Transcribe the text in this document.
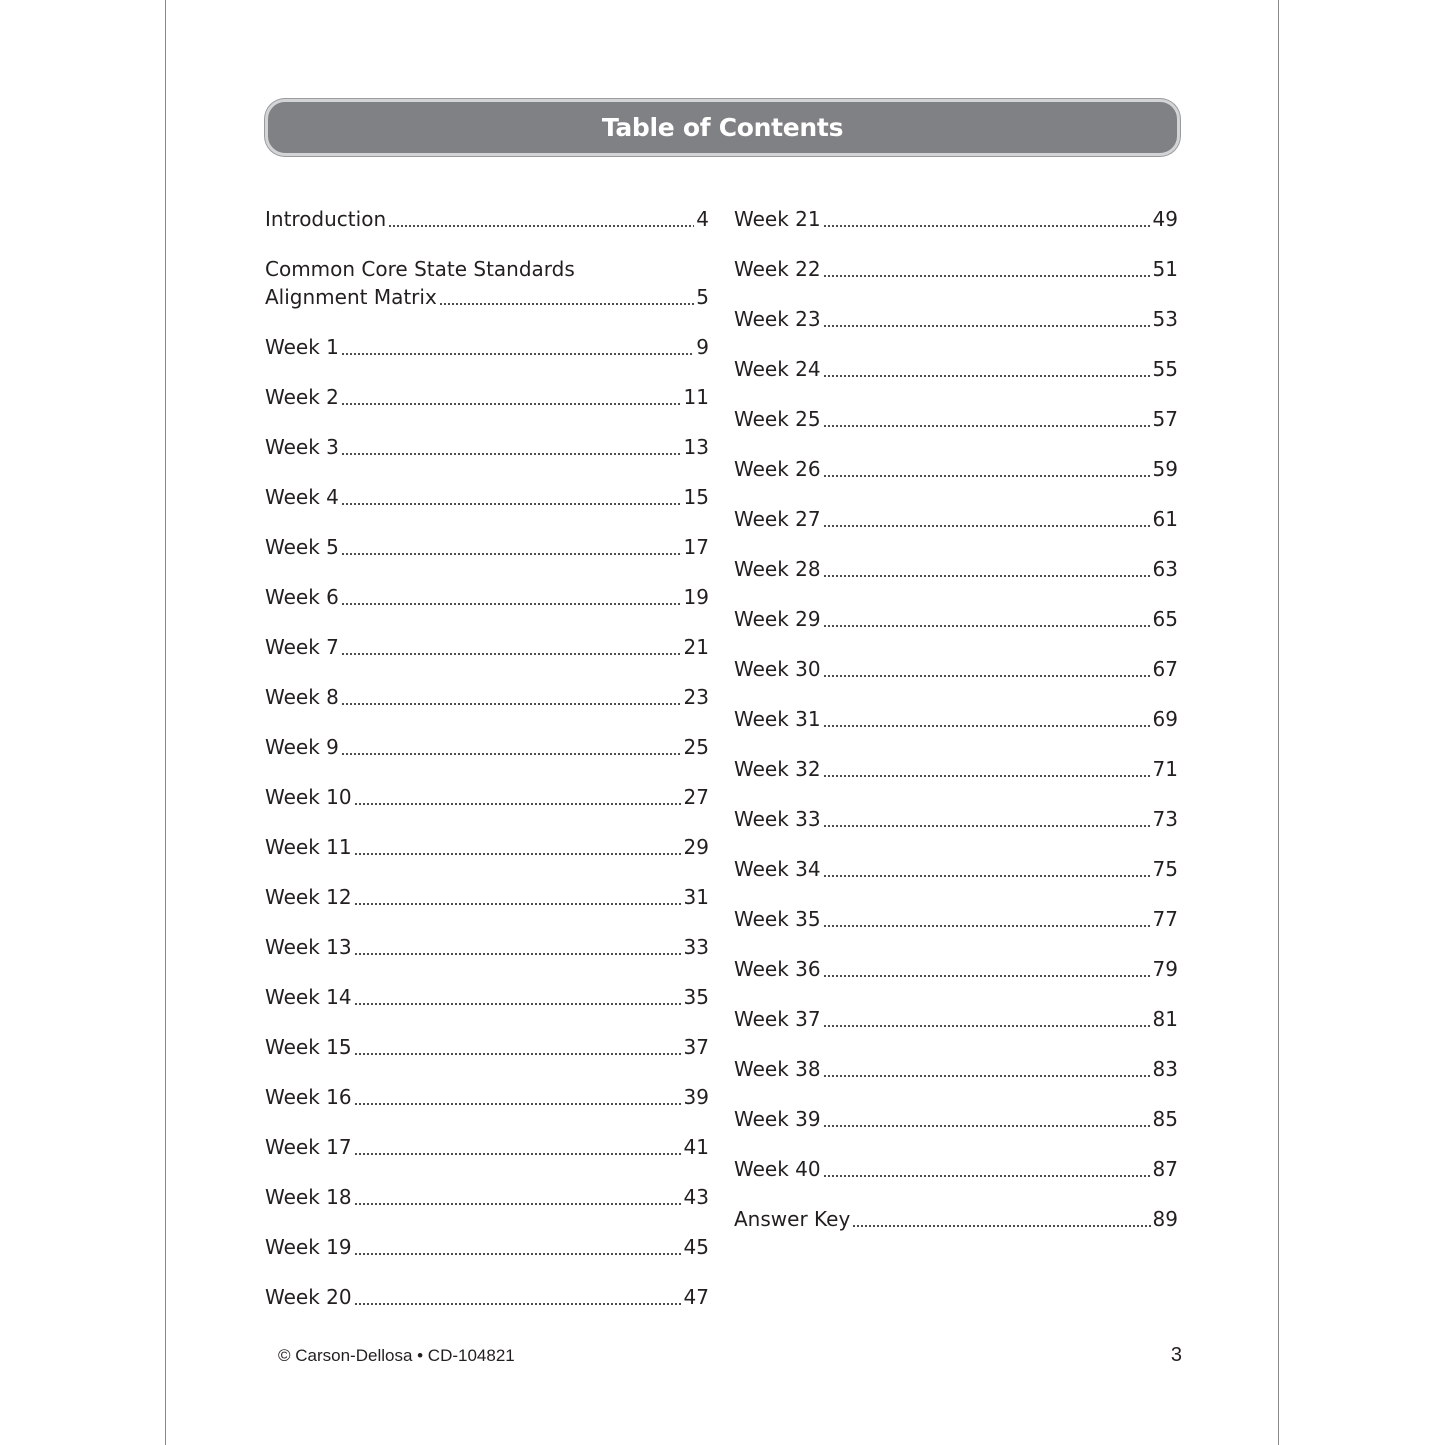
Table of Contents
Introduction	4
Common Core State Standards
Alignment Matrix	5
Week 1	9
Week 2	11
Week 3	13
Week 4	15
Week 5	17
Week 6	19
Week 7	21
Week 8	23
Week 9	25
Week 10	27
Week 11	29
Week 12	31
Week 13	33
Week 14	35
Week 15	37
Week 16	39
Week 17	41
Week 18	43
Week 19	45
Week 20	47
Week 21	49
Week 22	51
Week 23	53
Week 24	55
Week 25	57
Week 26	59
Week 27	61
Week 28	63
Week 29	65
Week 30	67
Week 31	69
Week 32	71
Week 33	73
Week 34	75
Week 35	77
Week 36	79
Week 37	81
Week 38	83
Week 39	85
Week 40	87
Answer Key	89
© Carson-Dellosa • CD-104821	3
